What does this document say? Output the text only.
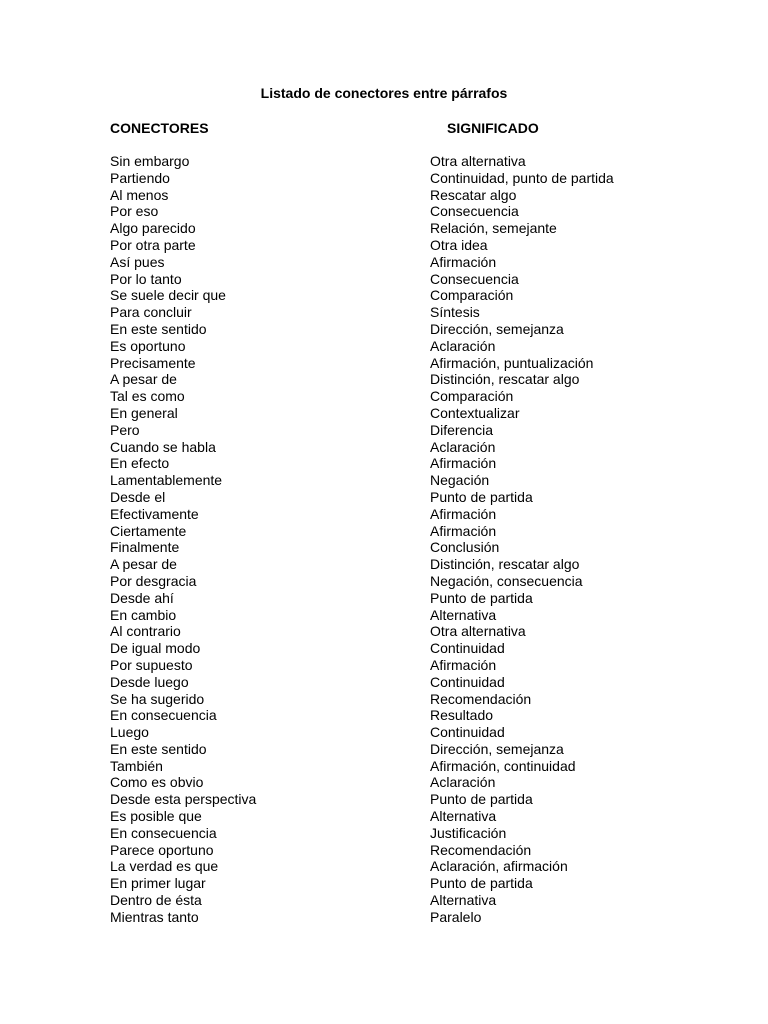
Listado de conectores entre párrafos
CONECTORES	SIGNIFICADO
Sin embargo	Otra alternativa
Partiendo	Continuidad, punto de partida
Al menos	Rescatar algo
Por eso	Consecuencia
Algo parecido	Relación, semejante
Por otra parte	Otra idea
Así pues	Afirmación
Por lo tanto	Consecuencia
Se suele decir que	Comparación
Para concluir	Síntesis
En este sentido	Dirección, semejanza
Es oportuno	Aclaración
Precisamente	Afirmación, puntualización
A pesar de	Distinción, rescatar algo
Tal es como	Comparación
En general	Contextualizar
Pero	Diferencia
Cuando se habla	Aclaración
En efecto	Afirmación
Lamentablemente	Negación
Desde el	Punto de partida
Efectivamente	Afirmación
Ciertamente	Afirmación
Finalmente	Conclusión
A pesar de	Distinción, rescatar algo
Por desgracia	Negación, consecuencia
Desde ahí	Punto de partida
En cambio	Alternativa
Al contrario	Otra alternativa
De igual modo	Continuidad
Por supuesto	Afirmación
Desde luego	Continuidad
Se ha sugerido	Recomendación
En consecuencia	Resultado
Luego	Continuidad
En este sentido	Dirección, semejanza
También	Afirmación, continuidad
Como es obvio	Aclaración
Desde esta perspectiva	Punto de partida
Es posible que	Alternativa
En consecuencia	Justificación
Parece oportuno	Recomendación
La verdad es que	Aclaración, afirmación
En primer lugar	Punto de partida
Dentro de ésta	Alternativa
Mientras tanto	Paralelo
